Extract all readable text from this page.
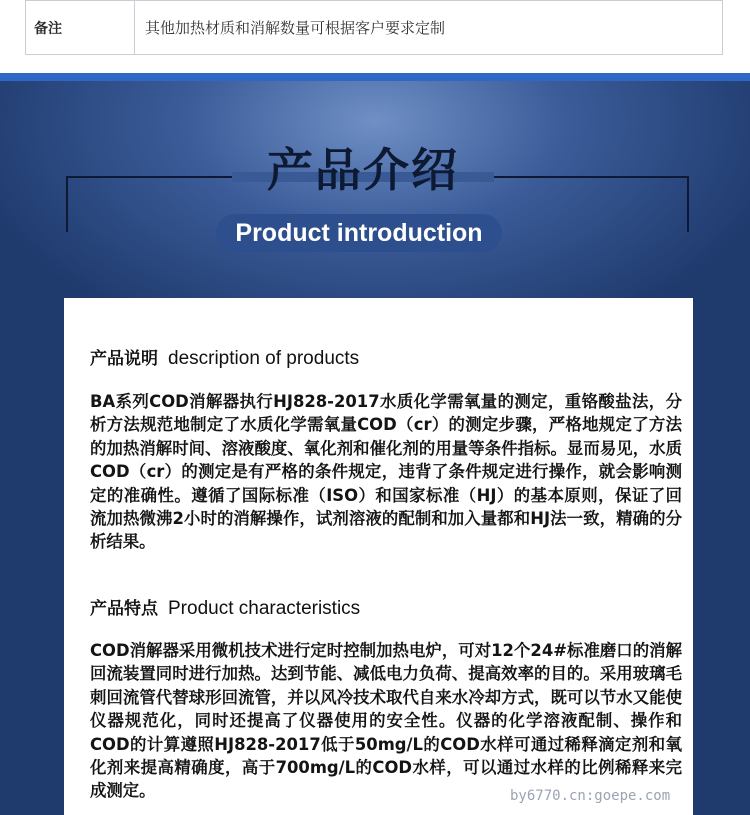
备注	其他加热材质和消解数量可根据客户要求定制
产品介绍
Product introduction
产品说明 description of products
BA系列COD消解器执行HJ828-2017水质化学需氧量的测定，重铬酸盐法，分析方法规范地制定了水质化学需氧量COD（cr）的测定步骤，严格地规定了方法的加热消解时间、溶液酸度、氧化剂和催化剂的用量等条件指标。显而易见，水质COD（cr）的测定是有严格的条件规定，违背了条件规定进行操作，就会影响测定的准确性。遵循了国际标准（ISO）和国家标准（HJ）的基本原则，保证了回流加热微沸2小时的消解操作，试剂溶液的配制和加入量都和HJ法一致，精确的分析结果。
产品特点 Product characteristics
COD消解器采用微机技术进行定时控制加热电炉，可对12个24#标准磨口的消解回流装置同时进行加热。达到节能、减低电力负荷、提高效率的目的。采用玻璃毛刺回流管代替球形回流管，并以风冷技术取代自来水冷却方式，既可以节水又能使仪器规范化，同时还提高了仪器使用的安全性。仪器的化学溶液配制、操作和COD的计算遵照HJ828-2017低于50mg/L的COD水样可通过稀释滴定剂和氧化剂来提高精确度，高于700mg/L的COD水样，可以通过水样的比例稀释来完成测定。	by6770.cn:goepe.com
